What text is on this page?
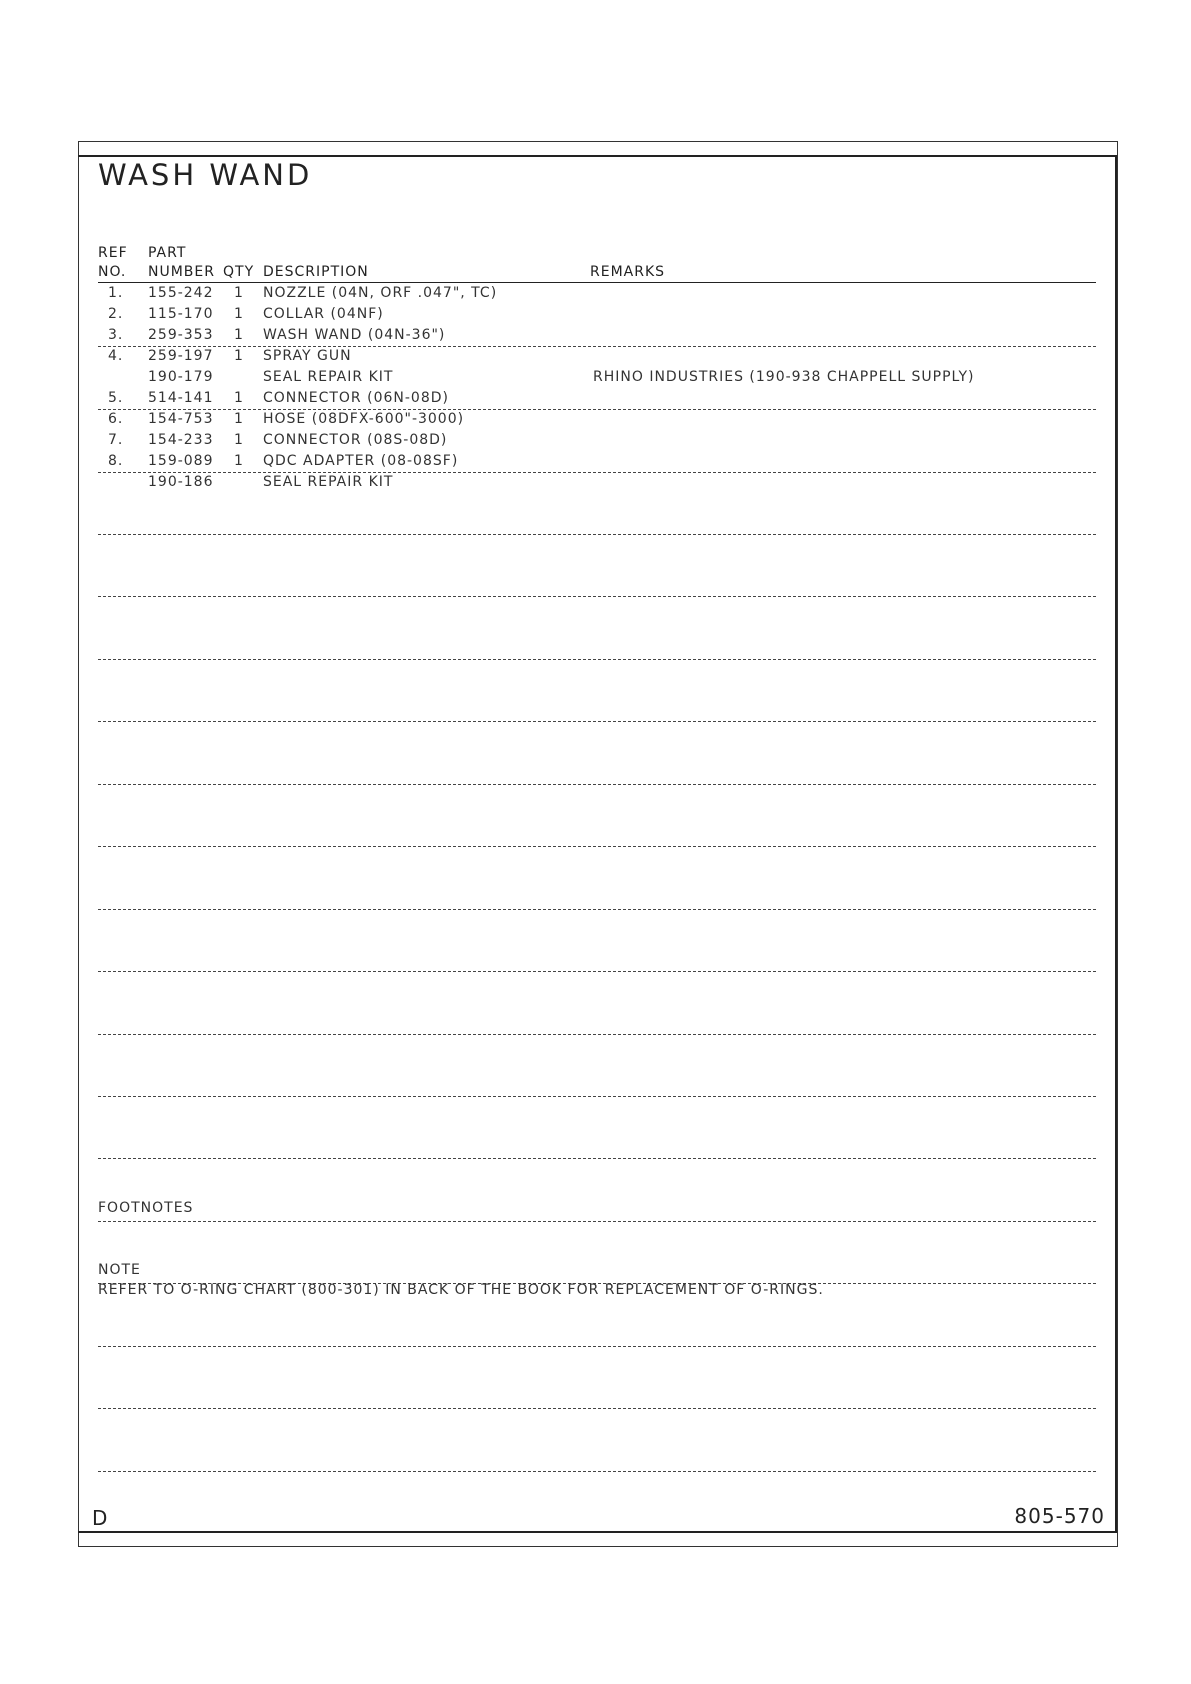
WASH WAND
REF
NO.
PART
NUMBER QTY DESCRIPTION	REMARKS
1. 155-242 1 NOZZLE (04N, ORF .047", TC)
2. 115-170 1 COLLAR (04NF)
3. 259-353 1 WASH WAND (04N-36")
4. 259-197 1 SPRAY GUN
190-179	SEAL REPAIR KIT	RHINO INDUSTRIES (190-938 CHAPPELL SUPPLY)
5. 514-141 1 CONNECTOR (06N-08D)
6. 154-753 1 HOSE (08DFX-600"-3000)
7. 154-233 1 CONNECTOR (08S-08D)
8. 159-089 1 QDC ADAPTER (08-08SF)
190-186	SEAL REPAIR KIT
FOOTNOTES
NOTE
REFER TO O-RING CHART (800-301) IN BACK OF THE BOOK FOR REPLACEMENT OF O-RINGS.
D	805-570
